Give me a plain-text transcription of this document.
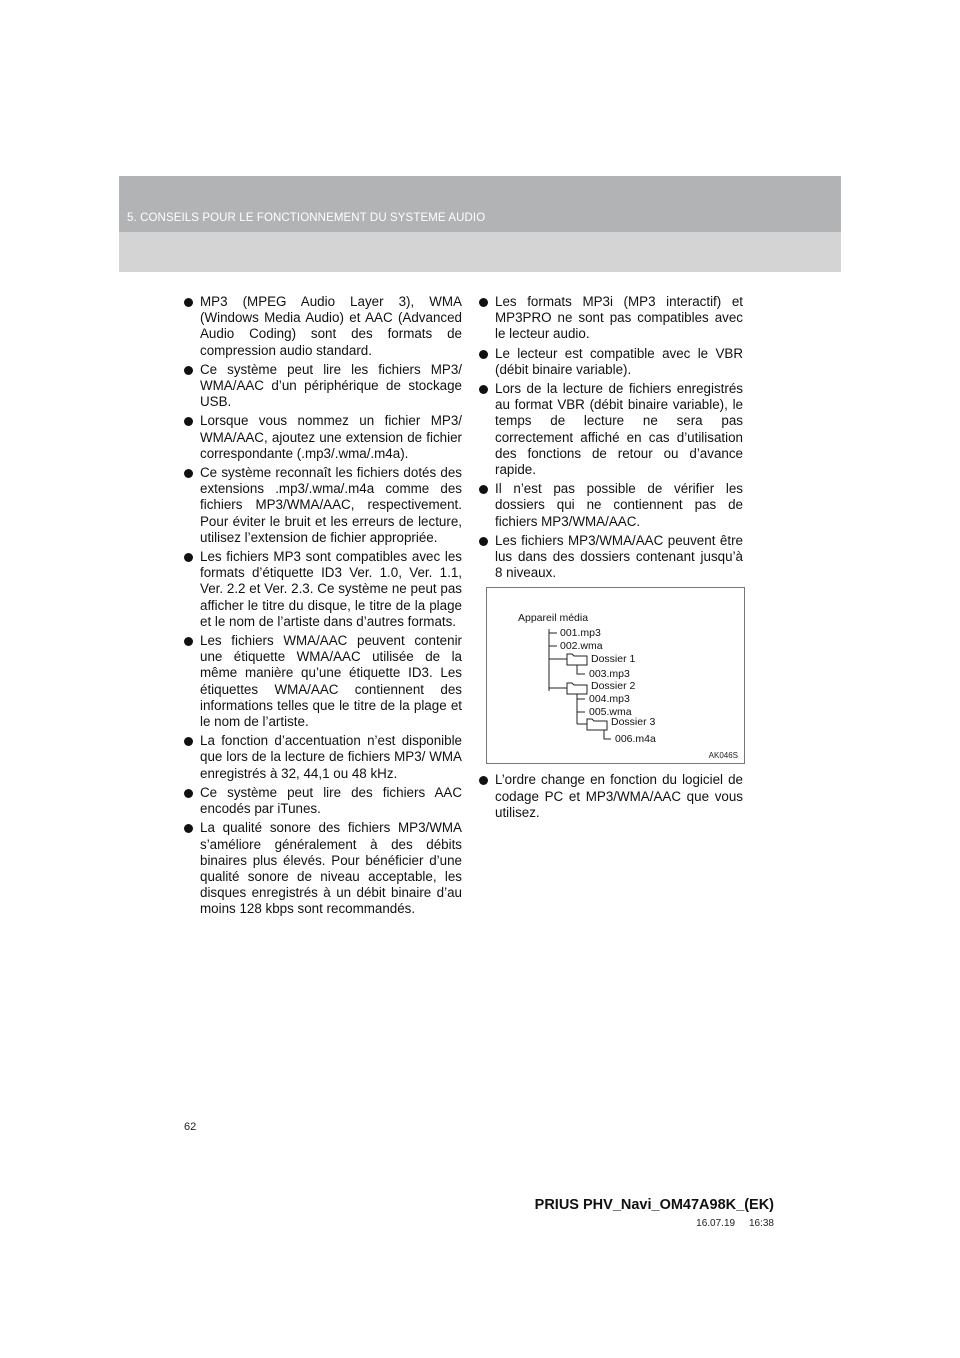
5. CONSEILS POUR LE FONCTIONNEMENT DU SYSTEME AUDIO
MP3 (MPEG Audio Layer 3), WMA (Windows Media Audio) et AAC (Advanced Audio Coding) sont des formats de compression audio standard.
Ce système peut lire les fichiers MP3/ WMA/AAC d’un périphérique de stockage USB.
Lorsque vous nommez un fichier MP3/ WMA/AAC, ajoutez une extension de fichier correspondante (.mp3/.wma/.m4a).
Ce système reconnaît les fichiers dotés des extensions .mp3/.wma/.m4a comme des fichiers MP3/WMA/AAC, respectivement. Pour éviter le bruit et les erreurs de lecture, utilisez l’extension de fichier appropriée.
Les fichiers MP3 sont compatibles avec les formats d’étiquette ID3 Ver. 1.0, Ver. 1.1, Ver. 2.2 et Ver. 2.3. Ce système ne peut pas afficher le titre du disque, le titre de la plage et le nom de l’artiste dans d’autres formats.
Les fichiers WMA/AAC peuvent contenir une étiquette WMA/AAC utilisée de la même manière qu’une étiquette ID3. Les étiquettes WMA/AAC contiennent des informations telles que le titre de la plage et le nom de l’artiste.
La fonction d’accentuation n’est disponible que lors de la lecture de fichiers MP3/ WMA enregistrés à 32, 44,1 ou 48 kHz.
Ce système peut lire des fichiers AAC encodés par iTunes.
La qualité sonore des fichiers MP3/WMA s’améliore généralement à des débits binaires plus élevés. Pour bénéficier d’une qualité sonore de niveau acceptable, les disques enregistrés à un débit binaire d’au moins 128 kbps sont recommandés.
Les formats MP3i (MP3 interactif) et MP3PRO ne sont pas compatibles avec le lecteur audio.
Le lecteur est compatible avec le VBR (débit binaire variable).
Lors de la lecture de fichiers enregistrés au format VBR (débit binaire variable), le temps de lecture ne sera pas correctement affiché en cas d’utilisation des fonctions de retour ou d’avance rapide.
Il n’est pas possible de vérifier les dossiers qui ne contiennent pas de fichiers MP3/WMA/AAC.
Les fichiers MP3/WMA/AAC peuvent être lus dans des dossiers contenant jusqu’à 8 niveaux.
Appareil média
001.mp3
002.wma
Dossier 1
003.mp3
Dossier 2
004.mp3
005.wma
Dossier 3
006.m4a
AK046S
L’ordre change en fonction du logiciel de codage PC et MP3/WMA/AAC que vous utilisez.
62
PRIUS PHV_Navi_OM47A98K_(EK)
16.07.19     16:38
